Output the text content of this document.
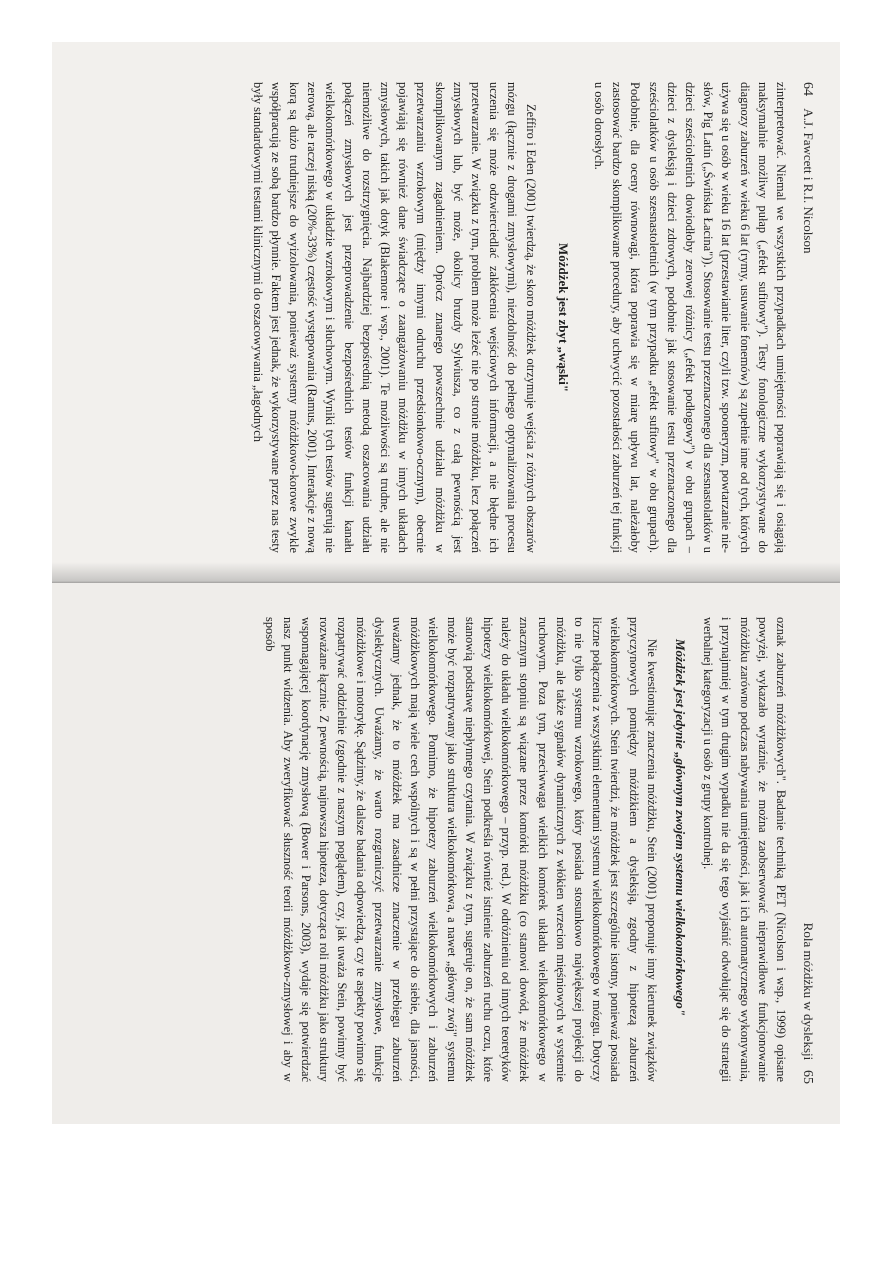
64    A.J. Fawcett i R.I. Nicolson

zinterpretować. Niemal we wszystkich przypadkach umiejętności poprawiają się i osiągają maksymalnie możliwy pułap („efekt sufitowy"). Testy fonologiczne wykorzystywane do diagnozy zaburzeń w wieku 6 lat (rymy, usuwanie fonemów) są zupełnie inne od tych, których używa się u osób w wieku 16 lat (przestawianie liter, czyli tzw. spooneryzm, powtarzanie nie-słów, Pig Latin („Świńska Łacina")). Stosowanie testu przeznaczonego dla szesnastolatków u dzieci sześcioletnich dowiodłoby zerowej różnicy („efekt podłogowy") w obu grupach – dzieci z dysleksją i dzieci zdrowych, podobnie jak stosowanie testu przeznaczonego dla sześciolatków u osób szesnastoletnich (w tym przypadku „efekt sufitowy" w obu grupach). Podobnie, dla oceny równowagi, która poprawia się w miarę upływu lat, należałoby zastosować bardzo skomplikowane procedury, aby uchwycić pozostałości zaburzeń tej funkcji u osób dorosłych.

Móżdżek jest zbyt „wąski"

Zeffiro i Eden (2001) twierdzą, że skoro móżdżek otrzymuje wejścia z różnych obszarów mózgu (łącznie z drogami zmysłowymi), niezdolność do pełnego optymalizowania procesu uczenia się może odzwierciedlać zakłócenia wejściowych informacji, a nie błędne ich przetwarzanie. W związku z tym, problem może leżeć nie po stronie móżdżku, lecz połączeń zmysłowych lub, być może, okolicy bruzdy Sylwiusza, co z całą pewnością jest skomplikowanym zagadnieniem. Oprócz znanego powszechnie udziału móżdżku w przetwarzaniu wzrokowym (między innymi odruchu przedsionkowo-ocznym), obecnie pojawiają się również dane świadczące o zaangażowaniu móżdżku w innych układach zmysłowych, takich jak dotyk (Blakemore i wsp., 2001). Te możliwości są trudne, ale nie niemożliwe do rozstrzygnięcia. Najbardziej bezpośrednią metodą oszacowania udziału połączeń zmysłowych jest przeprowadzenie bezpośrednich testów funkcji kanału wielkokomórkowego w układzie wzrokowym i słuchowym. Wyniki tych testów sugerują nie zerową, ale raczej niską (20%-33%) częstość występowania (Ramus, 2001). Interakcje z nową korą są dużo trudniejsze do wyizolowania, ponieważ systemy móżdżkowo-korowe zwykle współpracują ze sobą bardzo płynnie. Faktem jest jednak, że wykorzystywane przez nas testy były standardowymi testami klinicznymi do oszacowywania „łagodnych

Rola móżdżku w dysleksji   65

oznak zaburzeń móżdżkowych". Badanie techniką PET (Nicolson i wsp., 1999) opisane powyżej, wykazało wyraźnie, że można zaobserwować nieprawidłowe funkcjonowanie móżdżku zarówno podczas nabywania umiejętności, jak i ich automatycznego wykonywania, i przynajmniej w tym drugim wypadku nie da się tego wyjaśnić odwołując się do strategii werbalnej kategoryzacji u osób z grupy kontrolnej.

Móżdżek jest jedynie „głównym zwojem systemu wielkokomórkowego"

Nie kwestionując znaczenia móżdżku, Stein (2001) proponuje inny kierunek związków przyczynowych pomiędzy móżdżkiem a dysleksją, zgodny z hipotezą zaburzeń wielkokomórkowych. Stein twierdzi, że móżdżek jest szczególnie istotny, ponieważ posiada liczne połączenia z wszystkimi elementami systemu wielkokomórkowego w mózgu. Dotyczy to nie tylko systemu wzrokowego, który posiada stosunkowo największej projekcji do móżdżku, ale także sygnałów dynamicznych z włókien wrzecion mięśniowych w systemie ruchowym. Poza tym, przeciwwaga wielkich komórek układu wielkokomórkowego w znacznym stopniu są wiązane przez komórki móżdżku (co stanowi dowód, że móżdżek należy do układu wielkokomórkowego – przyp. red.). W odróżnieniu od innych teoretyków hipotezy wielkokomórkowej, Stein podkreśla również istnienie zaburzeń ruchu oczu, które stanowią podstawę niepłynnego czytania. W związku z tym, sugeruje on, że sam móżdżek może być rozpatrywany jako struktura wielkokomórkowa, a nawet „główny zwój" systemu wielkokomórkowego. Pomimo, że hipotezy zaburzeń wielkokomórkowych i zaburzeń móżdżkowych mają wiele cech wspólnych i są w pełni przystające do siebie, dla jasności, uważamy jednak, że to móżdżek ma zasadnicze znaczenie w przebiegu zaburzeń dyslektycznych. Uważamy, że warto rozgraniczyć przetwarzanie zmysłowe, funkcje móżdżkowe i motorykę. Sądzimy, że dalsze badania odpowiedzą, czy te aspekty powinno się rozpatrywać oddzielnie (zgodnie z naszym poglądem), czy, jak uważa Stein, powinny być rozważane łącznie. Z pewnością, najnowsza hipoteza, dotycząca roli móżdżku jako struktury wspomagającej koordynację zmysłową (Bower i Parsons, 2003), wydaje się potwierdzać nasz punkt widzenia. Aby zweryfikować słuszność teorii móżdżkowo-zmysłowej i aby w sposób
